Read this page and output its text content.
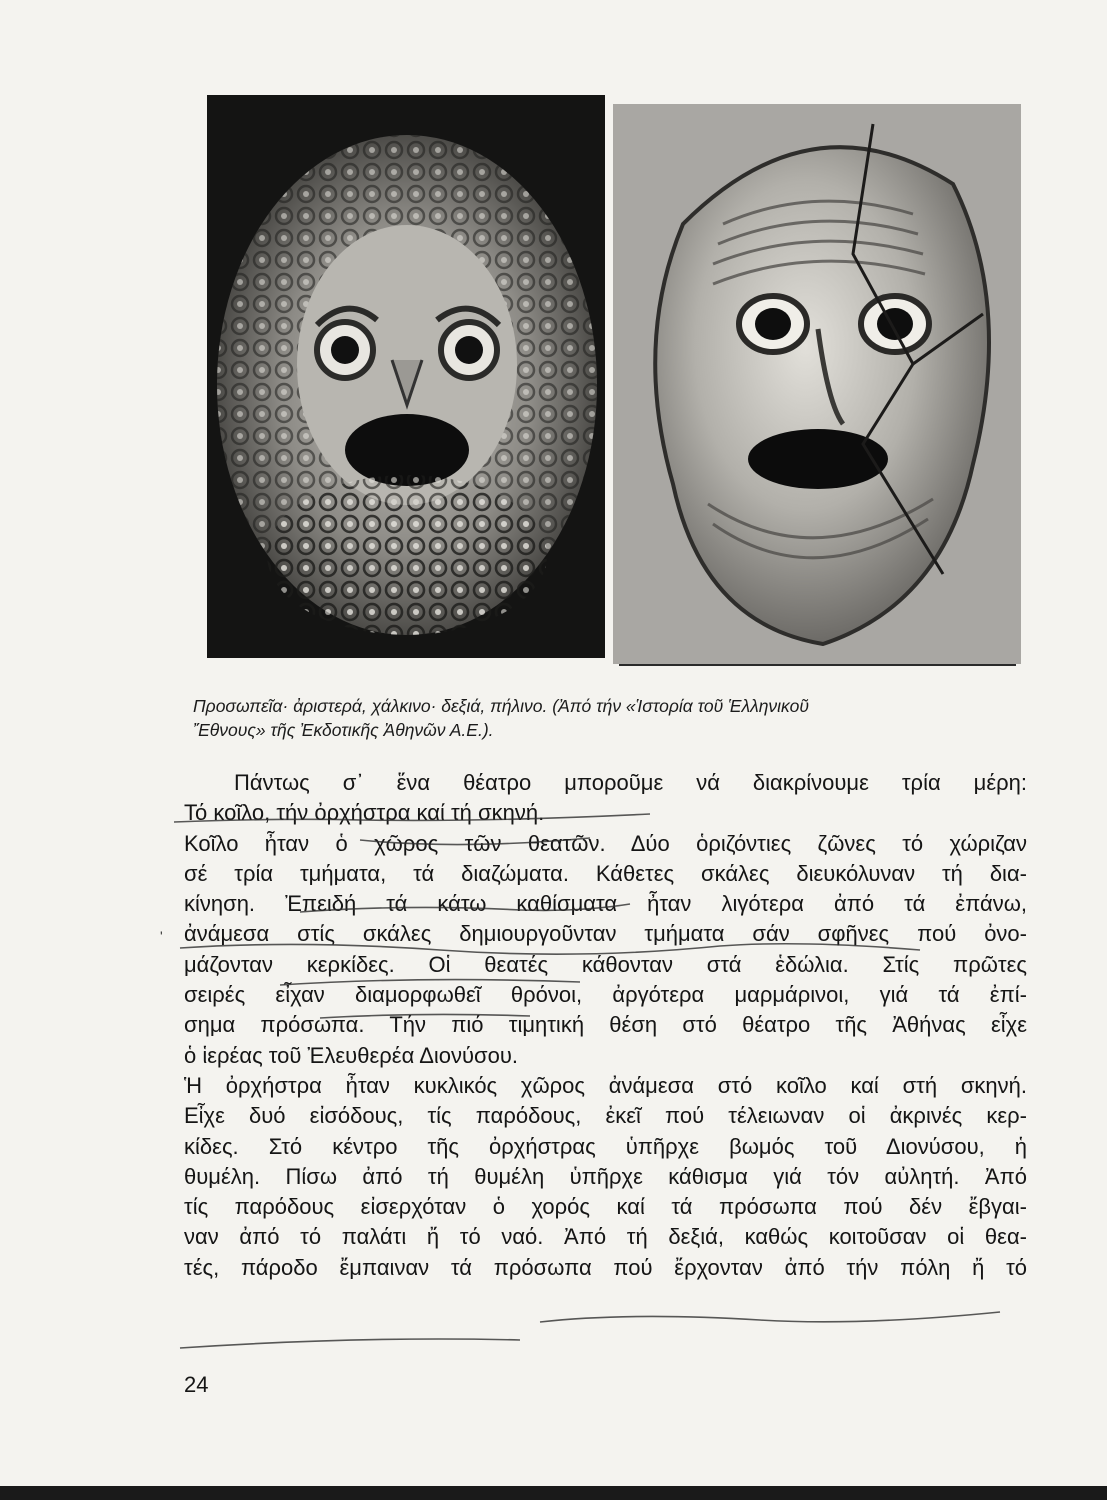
Προσωπεῖα· ἀριστερά, χάλκινο· δεξιά, πήλινο. (Ἀπό τήν «Ἱστορία τοῦ Ἑλληνικοῦ

Ἔθνους» τῆς Ἐκδοτικῆς Ἀθηνῶν Α.Ε.).

'
Πάντως σ᾽ ἕνα θέατρο μποροῦμε νά διακρίνουμε τρία μέρη:
Τό κοῖλο, τήν ὀρχήστρα καί τή σκηνή.
Κοῖλο ἦταν ὁ χῶρος τῶν θεατῶν. Δύο ὁριζόντιες ζῶνες τό χώριζαν
σέ τρία τμήματα, τά διαζώματα. Κάθετες σκάλες διευκόλυναν τή δια-
κίνηση. Ἐπειδή τά κάτω καθίσματα ἦταν λιγότερα ἀπό τά ἐπάνω,
ἀνάμεσα στίς σκάλες δημιουργοῦνταν τμήματα σάν σφῆνες πού ὀνο-
μάζονταν κερκίδες. Οἱ θεατές κάθονταν στά ἑδώλια. Στίς πρῶτες
σειρές εἶχαν διαμορφωθεῖ θρόνοι, ἀργότερα μαρμάρινοι, γιά τά ἐπί-
σημα πρόσωπα. Τήν πιό τιμητική θέση στό θέατρο τῆς Ἀθήνας εἶχε
ὁ ἱερέας τοῦ Ἐλευθερέα Διονύσου.
Ἡ ὀρχήστρα ἦταν κυκλικός χῶρος ἀνάμεσα στό κοῖλο καί στή σκηνή.
Εἶχε δυό εἰσόδους, τίς παρόδους, ἐκεῖ πού τέλειωναν οἱ ἀκρινές κερ-
κίδες. Στό κέντρο τῆς ὀρχήστρας ὑπῆρχε βωμός τοῦ Διονύσου, ἡ
θυμέλη. Πίσω ἀπό τή θυμέλη ὑπῆρχε κάθισμα γιά τόν αὐλητή. Ἀπό
τίς παρόδους εἰσερχόταν ὁ χορός καί τά πρόσωπα πού δέν ἔβγαι-
ναν ἀπό τό παλάτι ἤ τό ναό. Ἀπό τή δεξιά, καθώς κοιτοῦσαν οἱ θεα-
τές, πάροδο ἔμπαιναν τά πρόσωπα πού ἔρχονταν ἀπό τήν πόλη ἤ τό
24
